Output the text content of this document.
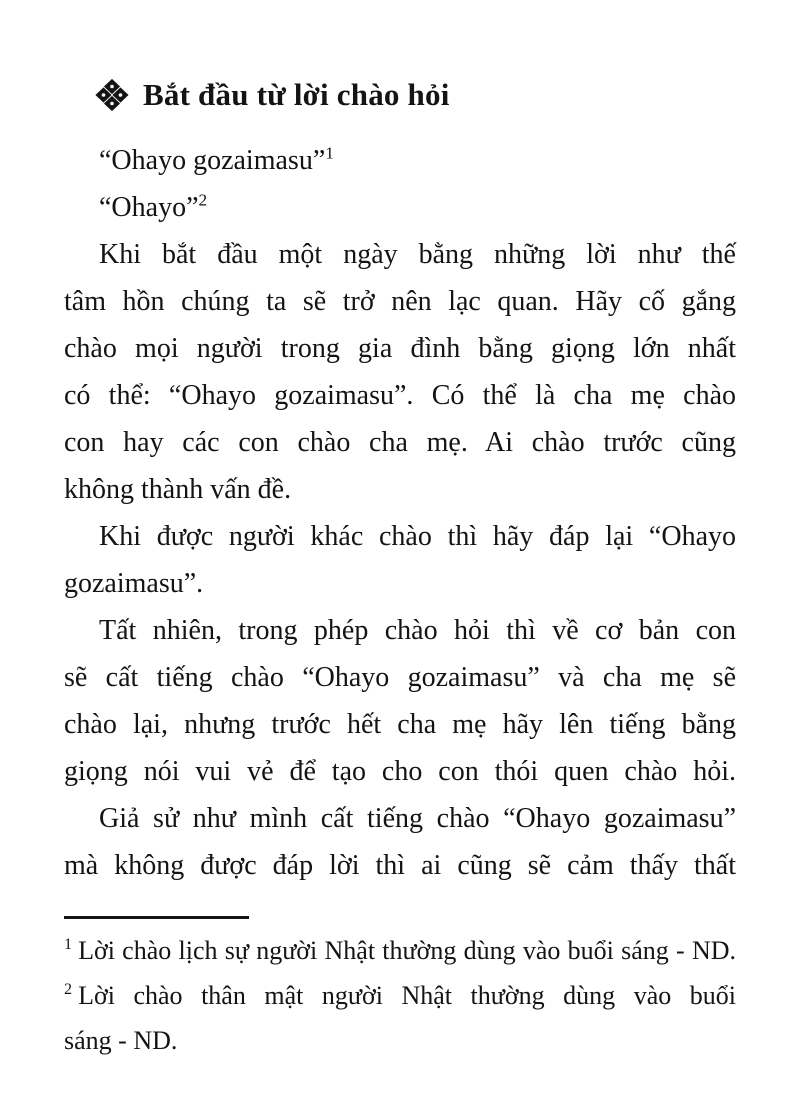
Bắt đầu từ lời chào hỏi
“Ohayo gozaimasu”$^1$
“Ohayo”$^2$
Khi bắt đầu một ngày bằng những lời như thế
tâm hồn chúng ta sẽ trở nên lạc quan. Hãy cố gắng
chào mọi người trong gia đình bằng giọng lớn nhất
có thể: “Ohayo gozaimasu”. Có thể là cha mẹ chào
con hay các con chào cha mẹ. Ai chào trước cũng
không thành vấn đề.
Khi được người khác chào thì hãy đáp lại “Ohayo
gozaimasu”.
Tất nhiên, trong phép chào hỏi thì về cơ bản con
sẽ cất tiếng chào “Ohayo gozaimasu” và cha mẹ sẽ
chào lại, nhưng trước hết cha mẹ hãy lên tiếng bằng
giọng nói vui vẻ để tạo cho con thói quen chào hỏi.
Giả sử như mình cất tiếng chào “Ohayo gozaimasu”
mà không được đáp lời thì ai cũng sẽ cảm thấy thất
$^1$ Lời chào lịch sự người Nhật thường dùng vào buổi sáng - ND.
$^2$ Lời chào thân mật người Nhật thường dùng vào buổi
sáng - ND.
